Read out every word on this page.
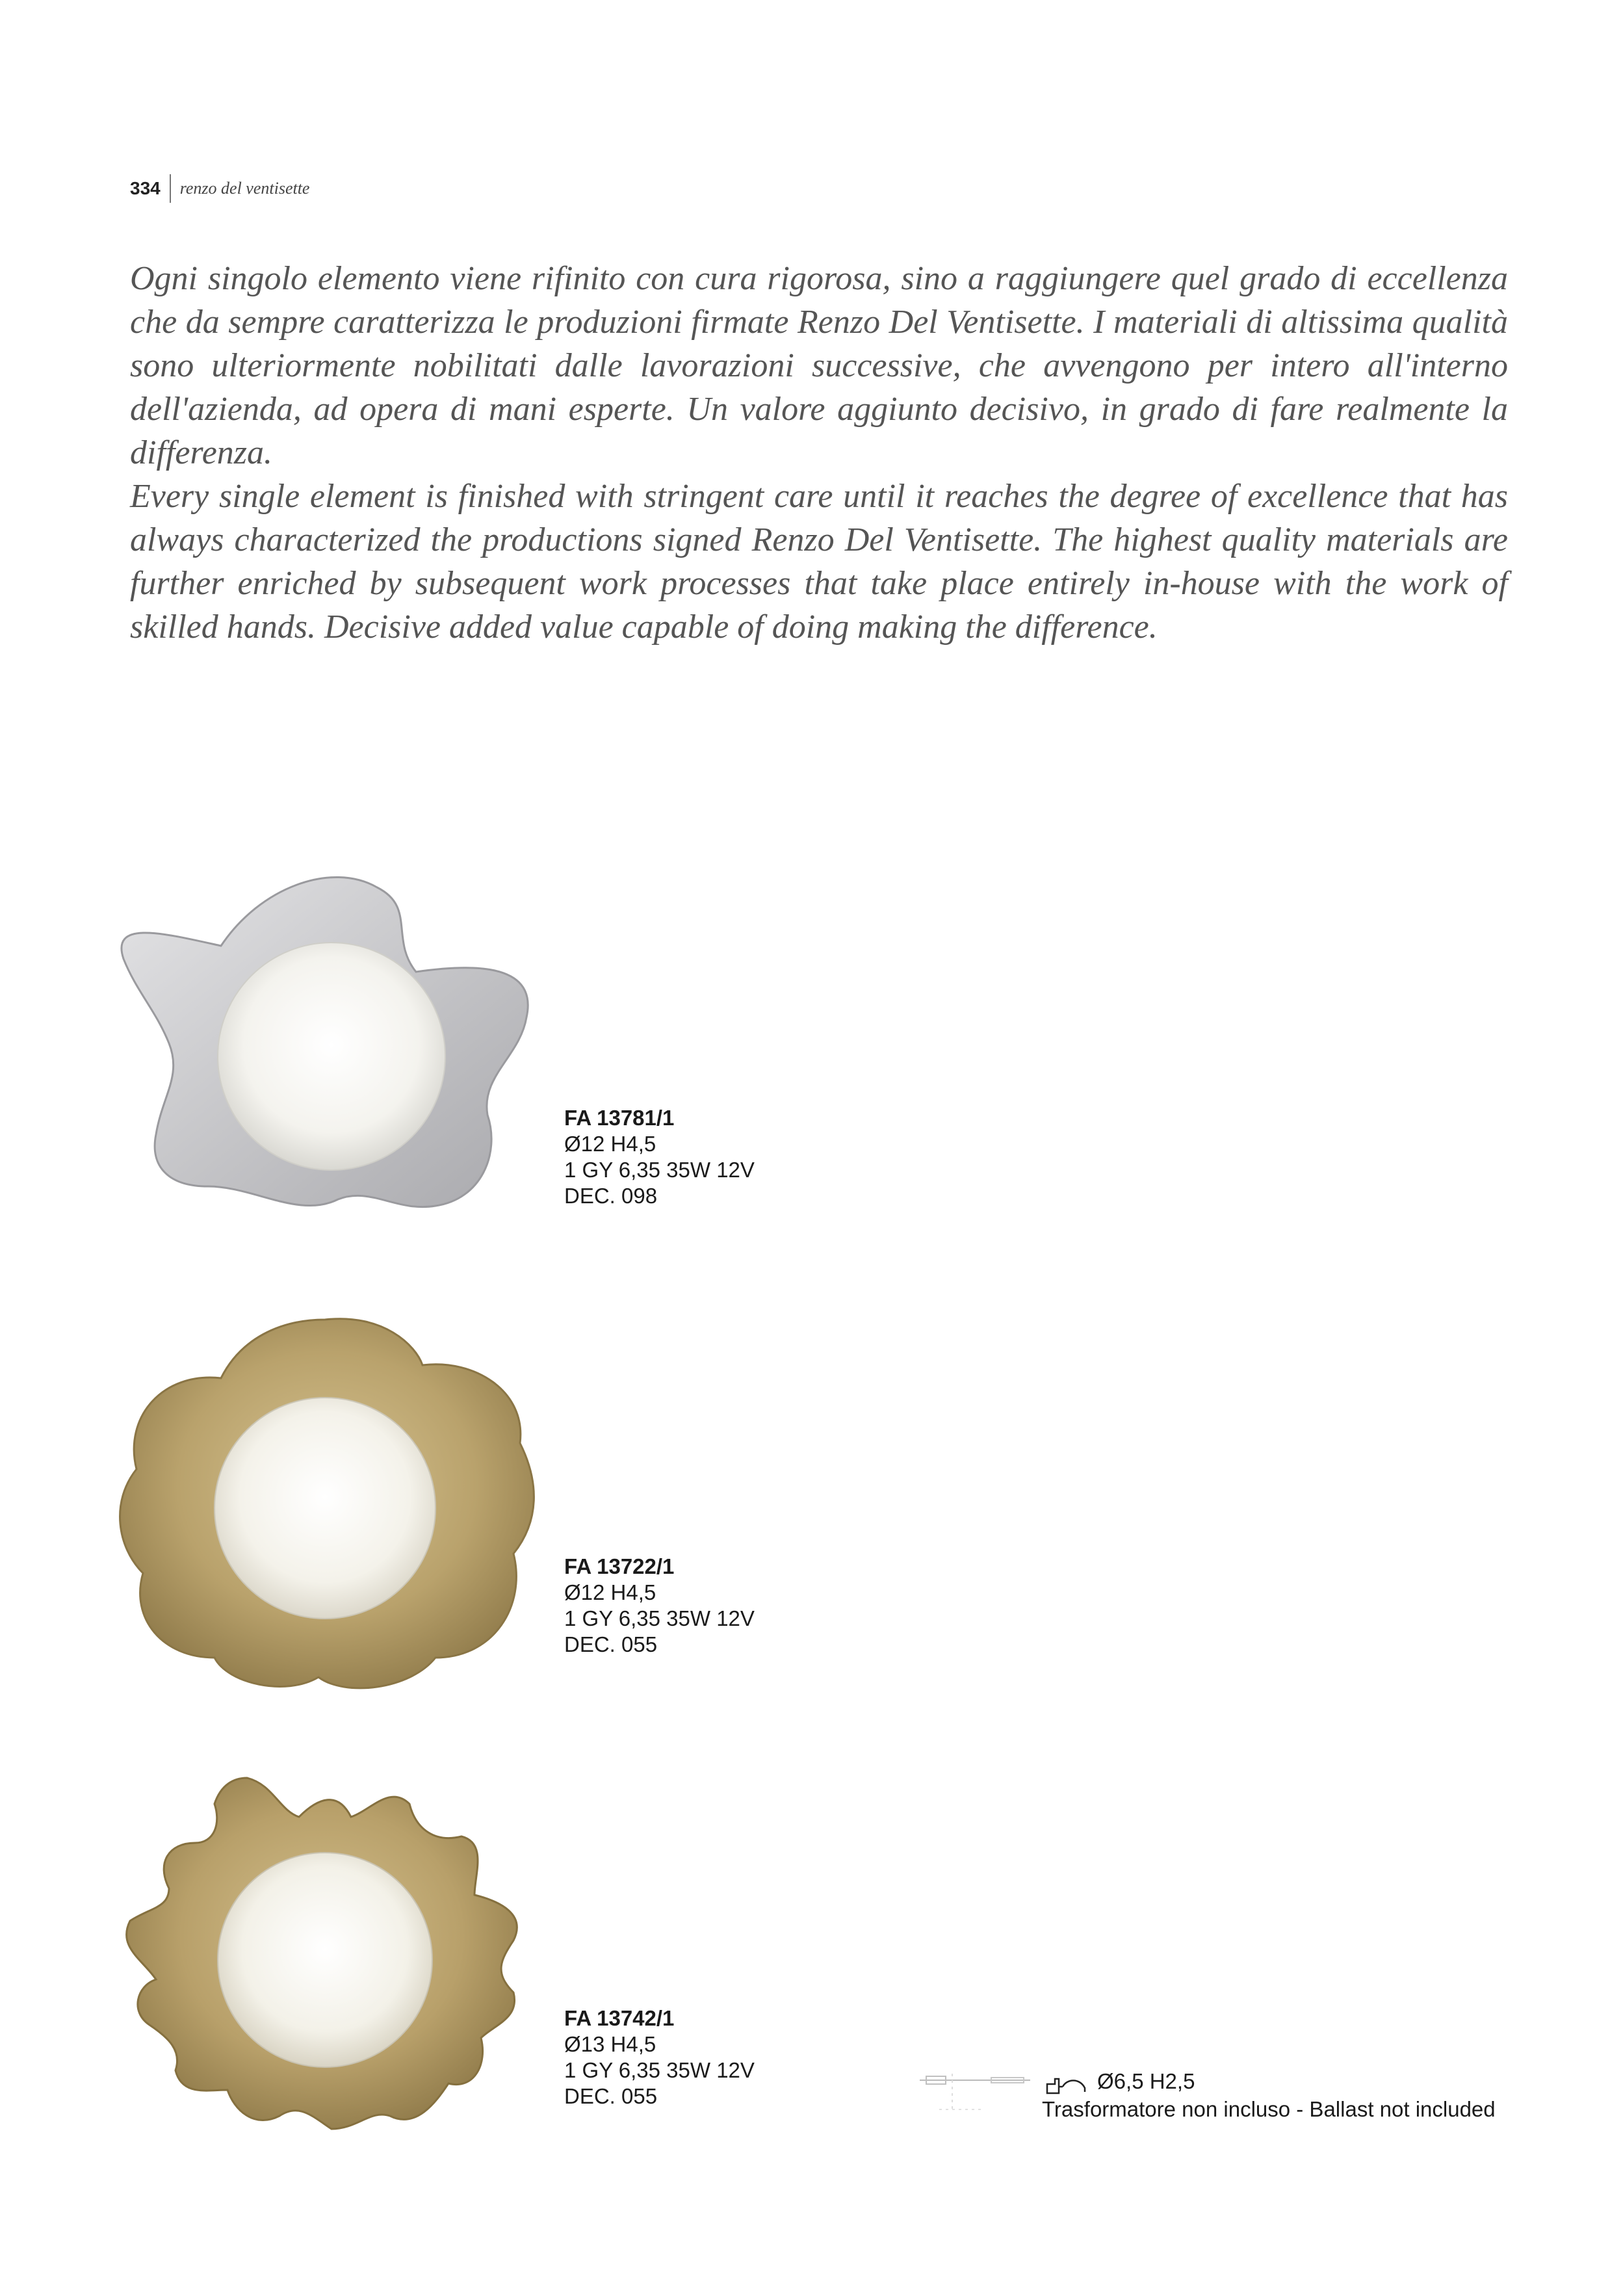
334 renzo del ventisette

Ogni singolo elemento viene rifinito con cura rigorosa, sino a raggiungere quel grado di eccellenza che da sempre caratterizza le produzioni firmate Renzo Del Ventisette. I materiali di altissima qualità sono ulteriormente nobilitati dalle lavorazioni successive, che avvengono per intero all'interno dell'azienda, ad opera di mani esperte. Un valore aggiunto decisivo, in grado di fare realmente la differenza.

Every single element is finished with stringent care until it reaches the degree of excellence that has always characterized the productions signed Renzo Del Ventisette. The highest quality materials are further enriched by subsequent work processes that take place entirely in-house with the work of skilled hands. Decisive added value capable of doing making the difference.

FA 13781/1
Ø12 H4,5
1 GY 6,35 35W 12V
DEC. 098
FA 13722/1
Ø12 H4,5
1 GY 6,35 35W 12V
DEC. 055
FA 13742/1
Ø13 H4,5
1 GY 6,35 35W 12V
DEC. 055
Ø6,5 H2,5
Trasformatore non incluso - Ballast not included
